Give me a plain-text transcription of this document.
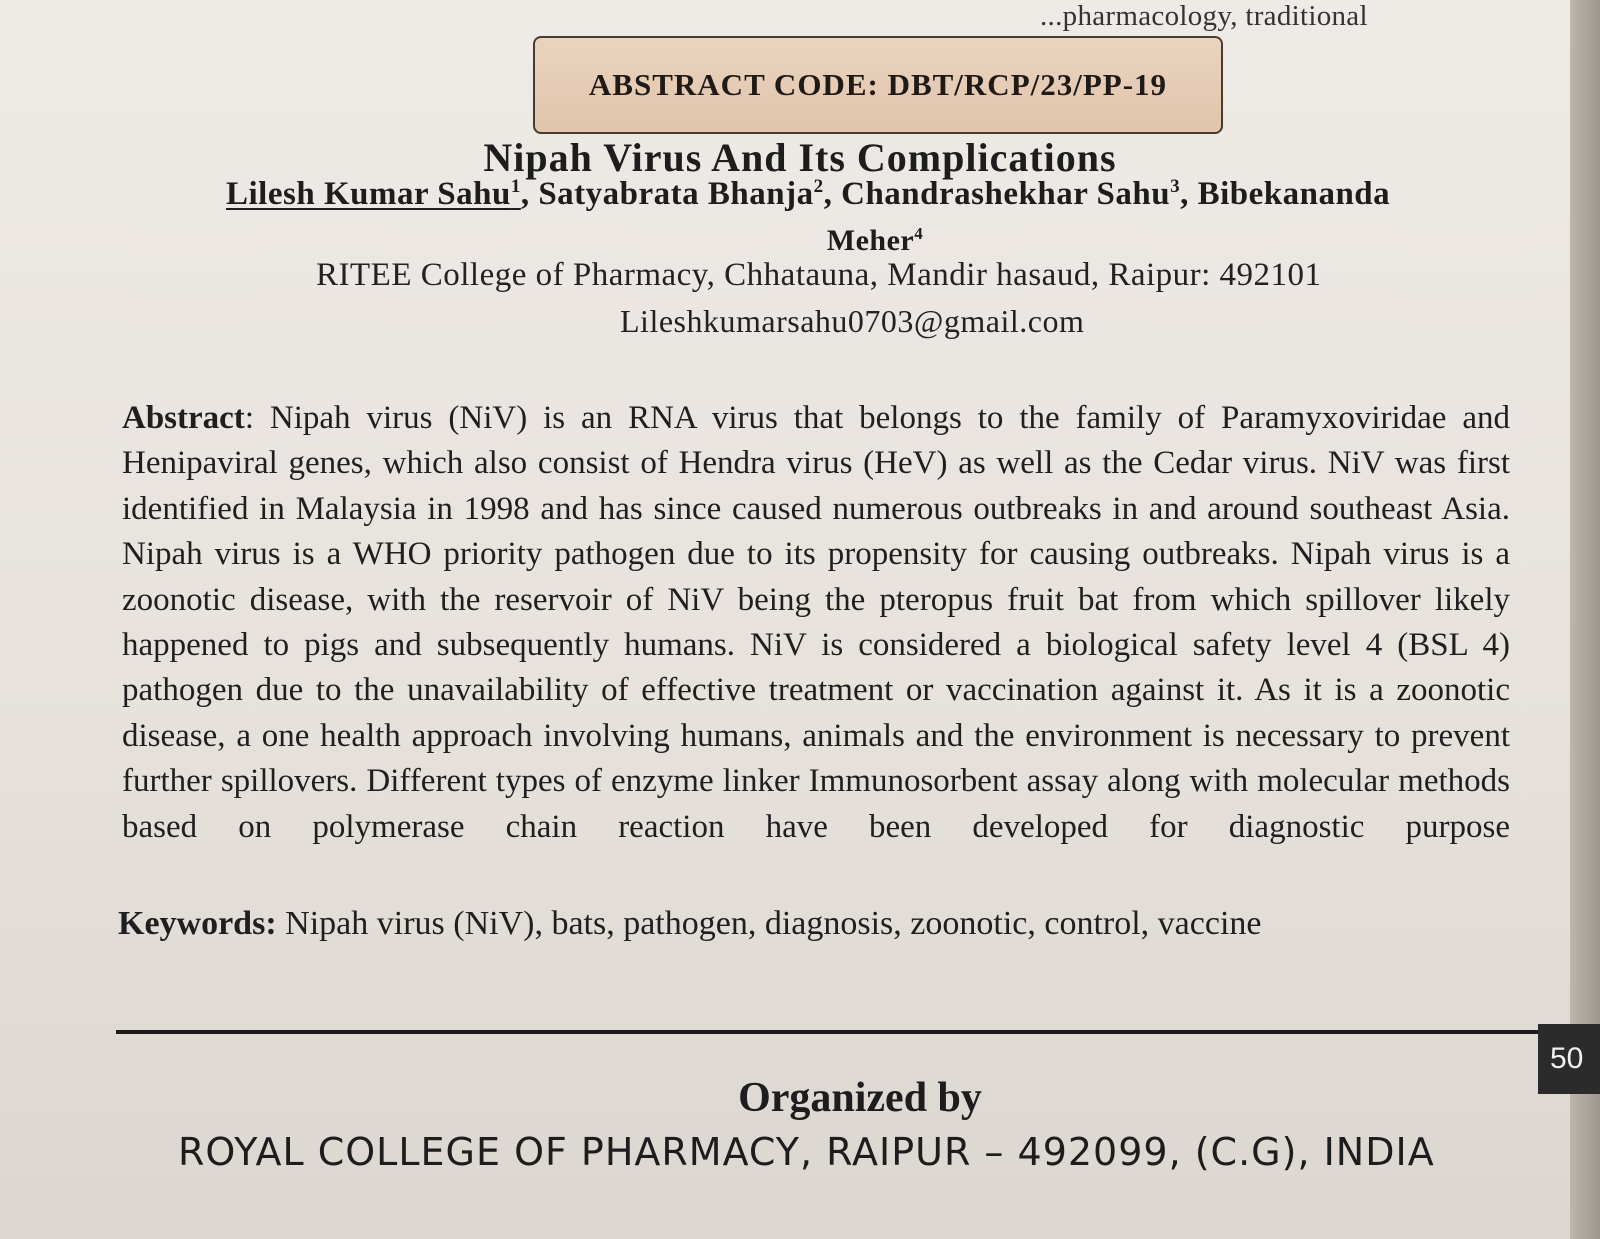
...pharmacology, traditional
ABSTRACT CODE: DBT/RCP/23/PP-19
Nipah Virus And Its Complications
Lilesh Kumar Sahu$^1$, Satyabrata Bhanja$^2$, Chandrashekhar Sahu$^3$, Bibekananda
Meher$^4$
RITEE College of Pharmacy, Chhatauna, Mandir hasaud, Raipur: 492101
Lileshkumarsahu0703@gmail.com
Abstract: Nipah virus (NiV) is an RNA virus that belongs to the family of Paramyxoviridae and Henipaviral genes, which also consist of Hendra virus (HeV) as well as the Cedar virus. NiV was first identified in Malaysia in 1998 and has since caused numerous outbreaks in and around southeast Asia. Nipah virus is a WHO priority pathogen due to its propensity for causing outbreaks. Nipah virus is a zoonotic disease, with the reservoir of NiV being the pteropus fruit bat from which spillover likely happened to pigs and subsequently humans. NiV is considered a biological safety level 4 (BSL 4) pathogen due to the unavailability of effective treatment or vaccination against it. As it is a zoonotic disease, a one health approach involving humans, animals and the environment is necessary to prevent further spillovers. Different types of enzyme linker Immunosorbent assay along with molecular methods based on polymerase chain reaction have been developed for diagnostic purpose
Keywords: Nipah virus (NiV), bats, pathogen, diagnosis, zoonotic, control, vaccine
Organized by
ROYAL COLLEGE OF PHARMACY, RAIPUR – 492099, (C.G), INDIA
50
